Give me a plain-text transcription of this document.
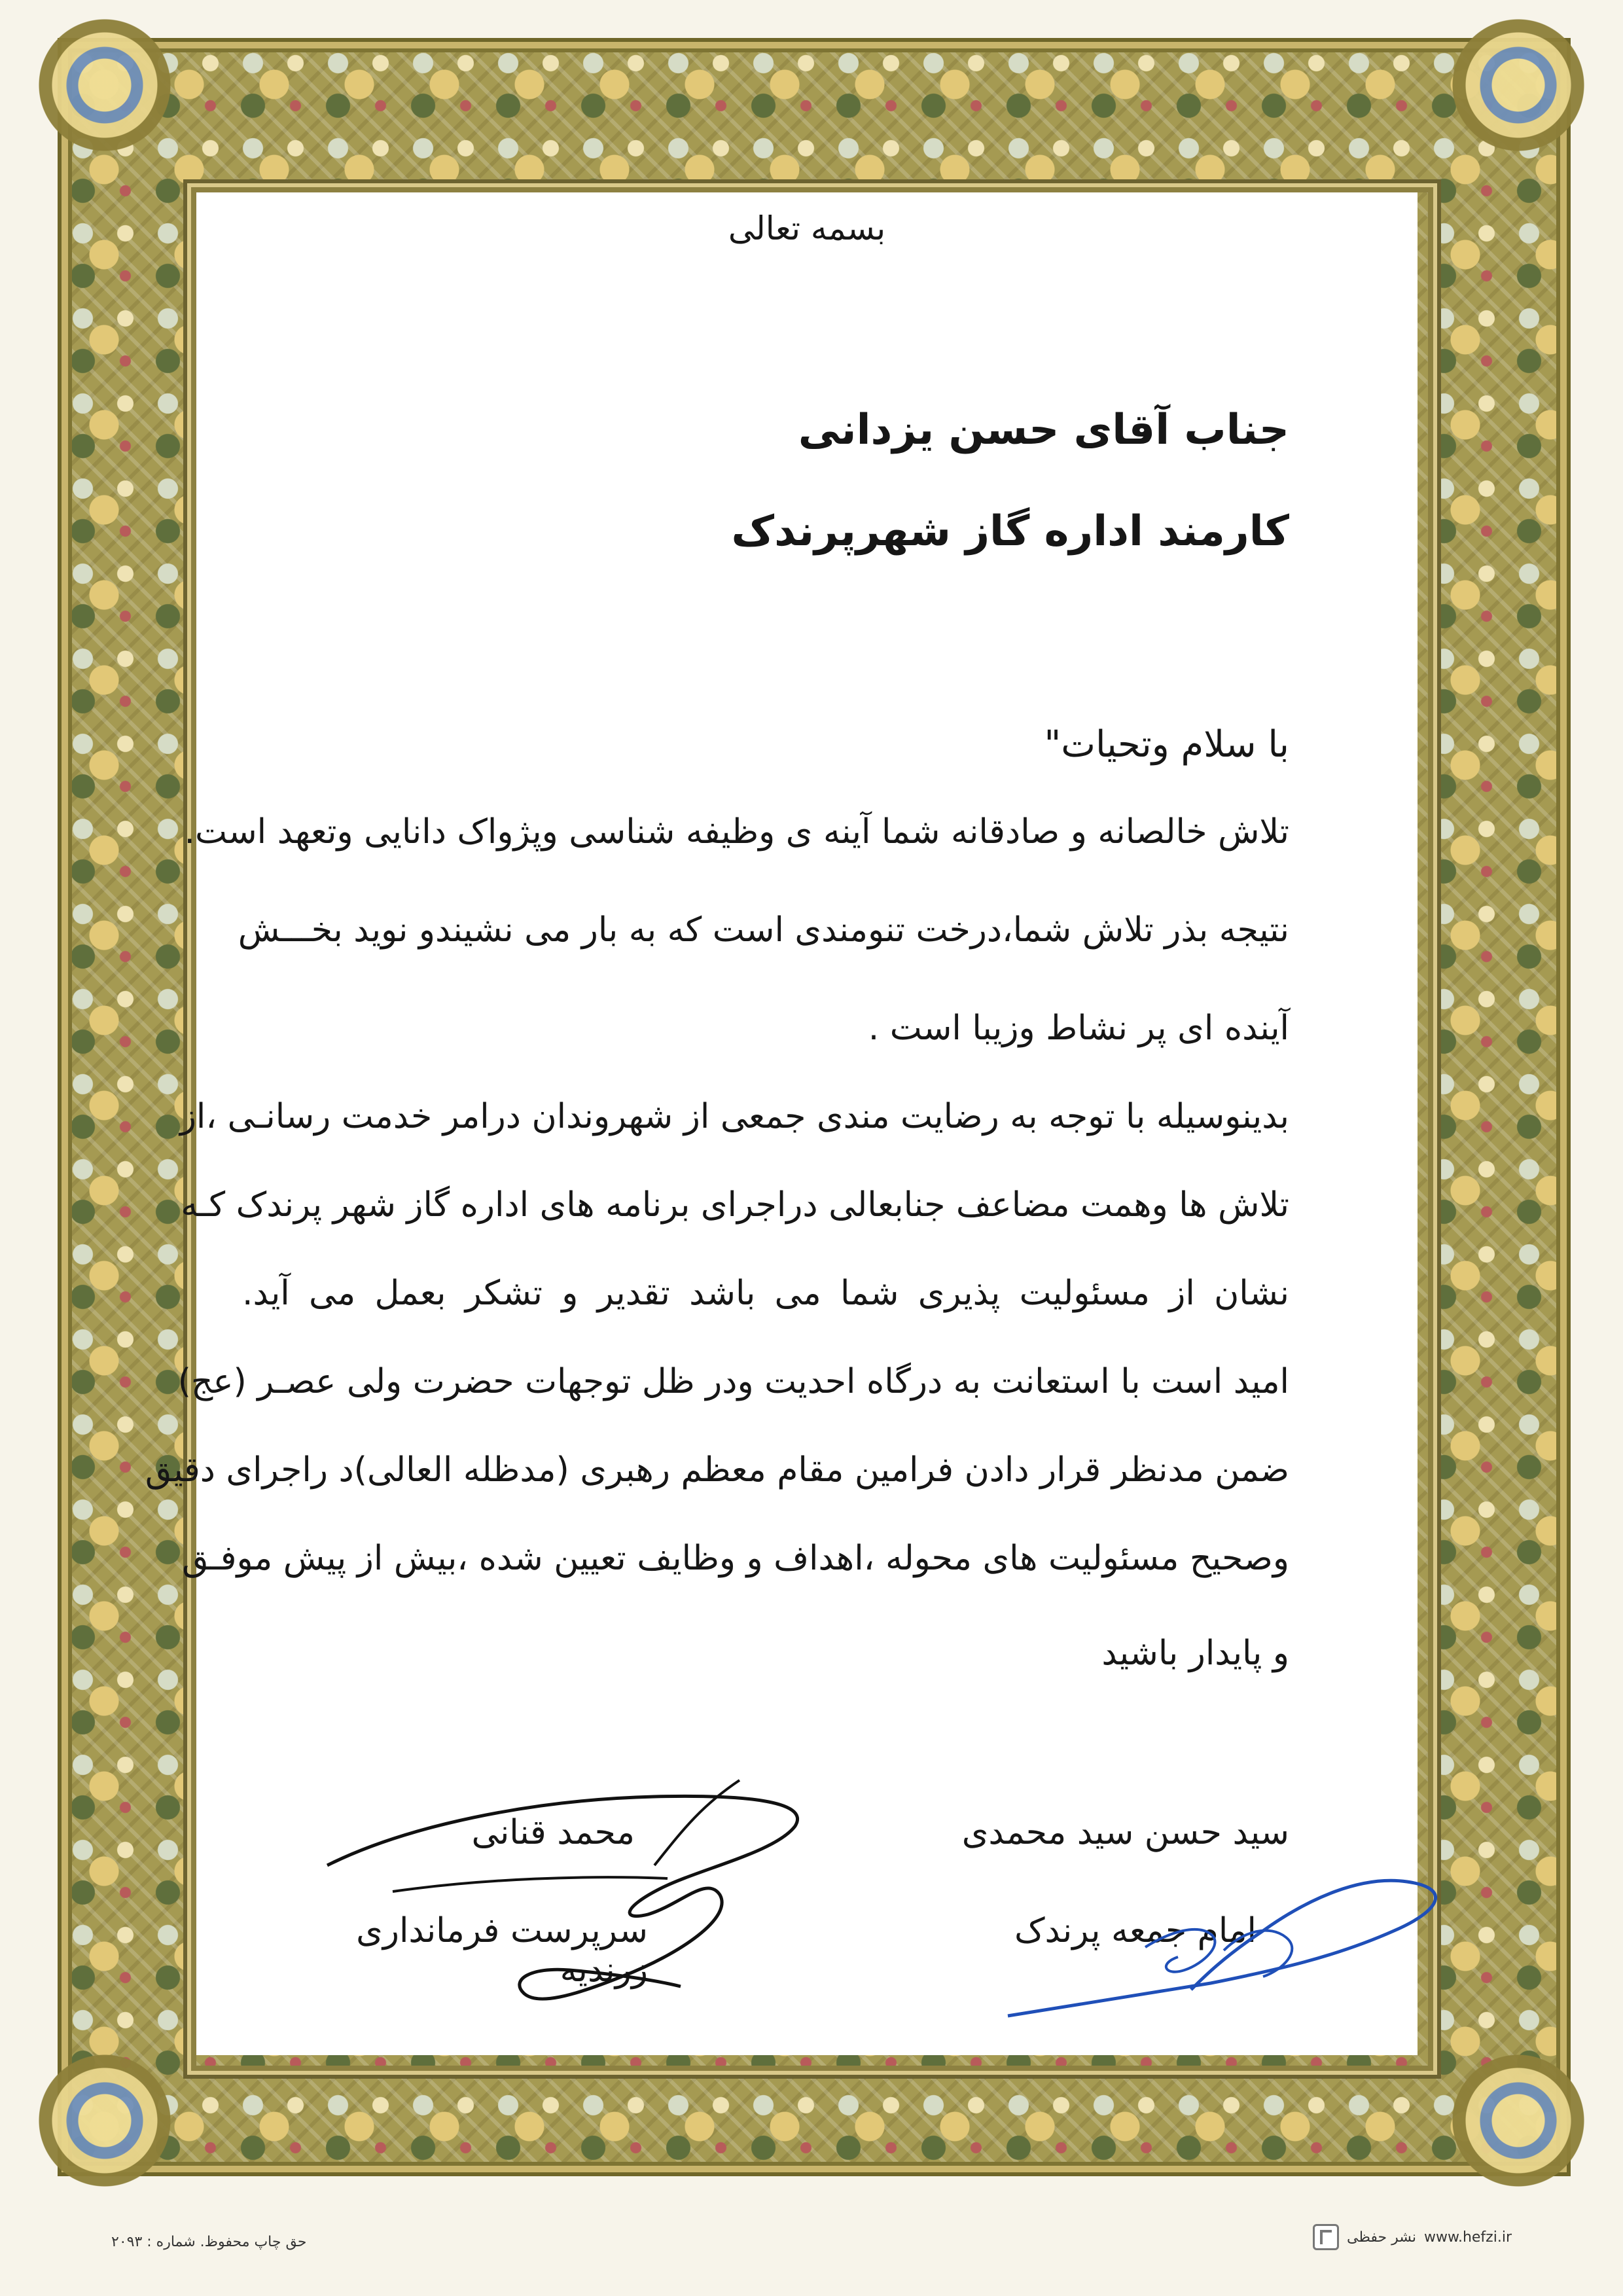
بسمه تعالی
جناب آقای حسن یزدانی
کارمند اداره گاز شهرپرندک
با سلام وتحیات"
تلاش خالصانه و صادقانه شما آینه ی وظیفه شناسی وپژواک دانایی وتعهد است.
نتیجه بذر تلاش شما،درخت تنومندی است که به بار می نشیندو نوید بخـــش
آینده ای پر نشاط وزیبا است .
بدینوسیله با توجه به رضایت مندی جمعی از شهروندان درامر خدمت رسانـی ،از
تلاش ها وهمت مضاعف جنابعالی دراجرای برنامه های اداره گاز شهر پرندک کـه
نشان از مسئولیت پذیری شما می باشد تقدیر و تشکر بعمل می آید.
امید است با استعانت به درگاه احدیت ودر ظل توجهات حضرت ولی عصـر (عج)
ضمن مدنظر قرار دادن فرامین مقام معظم رهبری (مدظله العالی)د راجرای دقیق
وصحیح مسئولیت های محوله ،اهداف و وظایف تعیین شده ،بیش از پیش موفـق
و پایدار باشید
محمد قنانی
سرپرست فرمانداری زرندیه
سید حسن سید محمدی
امام جمعه پرندک
حق چاپ محفوظ. شماره : ۲۰۹۳	www.hefzi.ir
نشر حفظی
